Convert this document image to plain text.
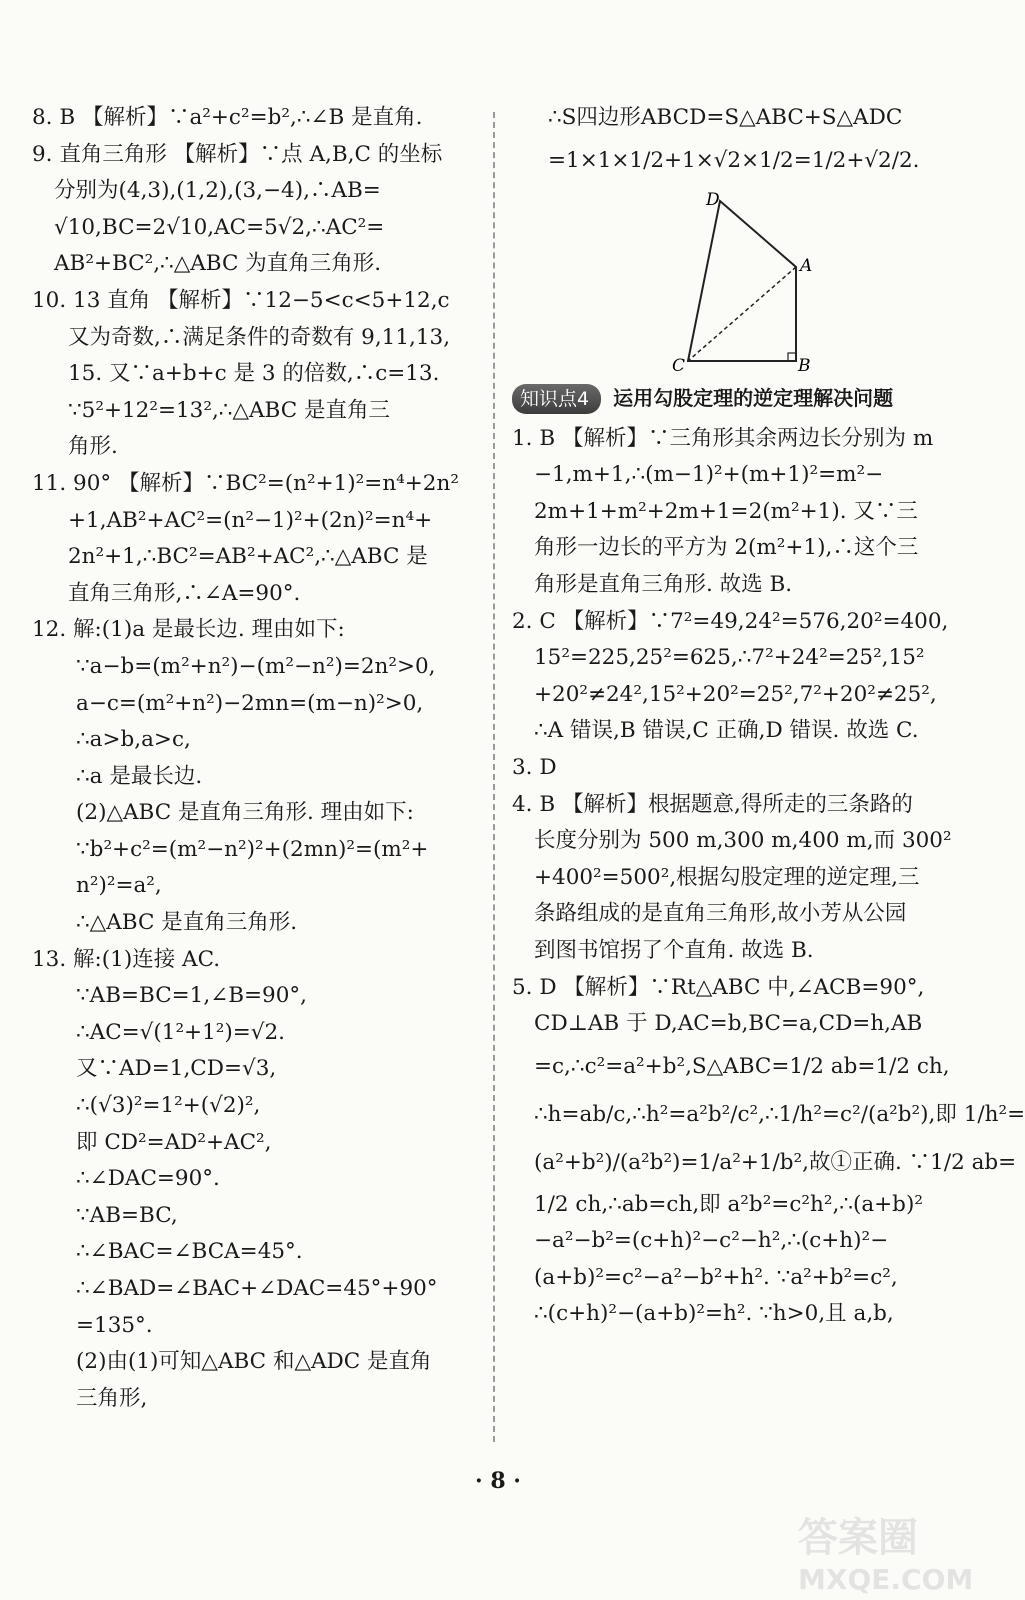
8. B 【解析】∵a²+c²=b²,∴∠B 是直角.
9. 直角三角形 【解析】∵点 A,B,C 的坐标
分别为(4,3),(1,2),(3,−4),∴AB=
√10,BC=2√10,AC=5√2,∴AC²=
AB²+BC²,∴△ABC 为直角三角形.
10. 13 直角 【解析】∵12−5<c<5+12,c
又为奇数,∴满足条件的奇数有 9,11,13,
15. 又∵a+b+c 是 3 的倍数,∴c=13.
∵5²+12²=13²,∴△ABC 是直角三
角形.
11. 90° 【解析】∵BC²=(n²+1)²=n⁴+2n²
+1,AB²+AC²=(n²−1)²+(2n)²=n⁴+
2n²+1,∴BC²=AB²+AC²,∴△ABC 是
直角三角形,∴∠A=90°.
12. 解:(1)a 是最长边. 理由如下:
∵a−b=(m²+n²)−(m²−n²)=2n²>0,
a−c=(m²+n²)−2mn=(m−n)²>0,
∴a>b,a>c,
∴a 是最长边.
(2)△ABC 是直角三角形. 理由如下:
∵b²+c²=(m²−n²)²+(2mn)²=(m²+
n²)²=a²,
∴△ABC 是直角三角形.
13. 解:(1)连接 AC.
∵AB=BC=1,∠B=90°,
∴AC=√(1²+1²)=√2.
又∵AD=1,CD=√3,
∴(√3)²=1²+(√2)²,
即 CD²=AD²+AC²,
∴∠DAC=90°.
∵AB=BC,
∴∠BAC=∠BCA=45°.
∴∠BAD=∠BAC+∠DAC=45°+90°
=135°.
(2)由(1)可知△ABC 和△ADC 是直角
三角形,
∴S四边形ABCD=S△ABC+S△ADC
=1×1×1/2+1×√2×1/2=1/2+√2/2.
D
A
C	B
知识点4	运用勾股定理的逆定理解决问题
1. B 【解析】∵三角形其余两边长分别为 m
−1,m+1,∴(m−1)²+(m+1)²=m²−
2m+1+m²+2m+1=2(m²+1). 又∵三
角形一边长的平方为 2(m²+1),∴这个三
角形是直角三角形. 故选 B.
2. C 【解析】∵7²=49,24²=576,20²=400,
15²=225,25²=625,∴7²+24²=25²,15²
+20²≠24²,15²+20²=25²,7²+20²≠25²,
∴A 错误,B 错误,C 正确,D 错误. 故选 C.
3. D
4. B 【解析】根据题意,得所走的三条路的
长度分别为 500 m,300 m,400 m,而 300²
+400²=500²,根据勾股定理的逆定理,三
条路组成的是直角三角形,故小芳从公园
到图书馆拐了个直角. 故选 B.
5. D 【解析】∵Rt△ABC 中,∠ACB=90°,
CD⊥AB 于 D,AC=b,BC=a,CD=h,AB
=c,∴c²=a²+b²,S△ABC=1/2 ab=1/2 ch,
∴h=ab/c,∴h²=a²b²/c²,∴1/h²=c²/(a²b²),即 1/h²=
(a²+b²)/(a²b²)=1/a²+1/b²,故①正确. ∵1/2 ab=
1/2 ch,∴ab=ch,即 a²b²=c²h²,∴(a+b)²
−a²−b²=(c+h)²−c²−h²,∴(c+h)²−
(a+b)²=c²−a²−b²+h². ∵a²+b²=c²,
∴(c+h)²−(a+b)²=h². ∵h>0,且 a,b,
· 8 ·
答案圈
MXQE.COM
